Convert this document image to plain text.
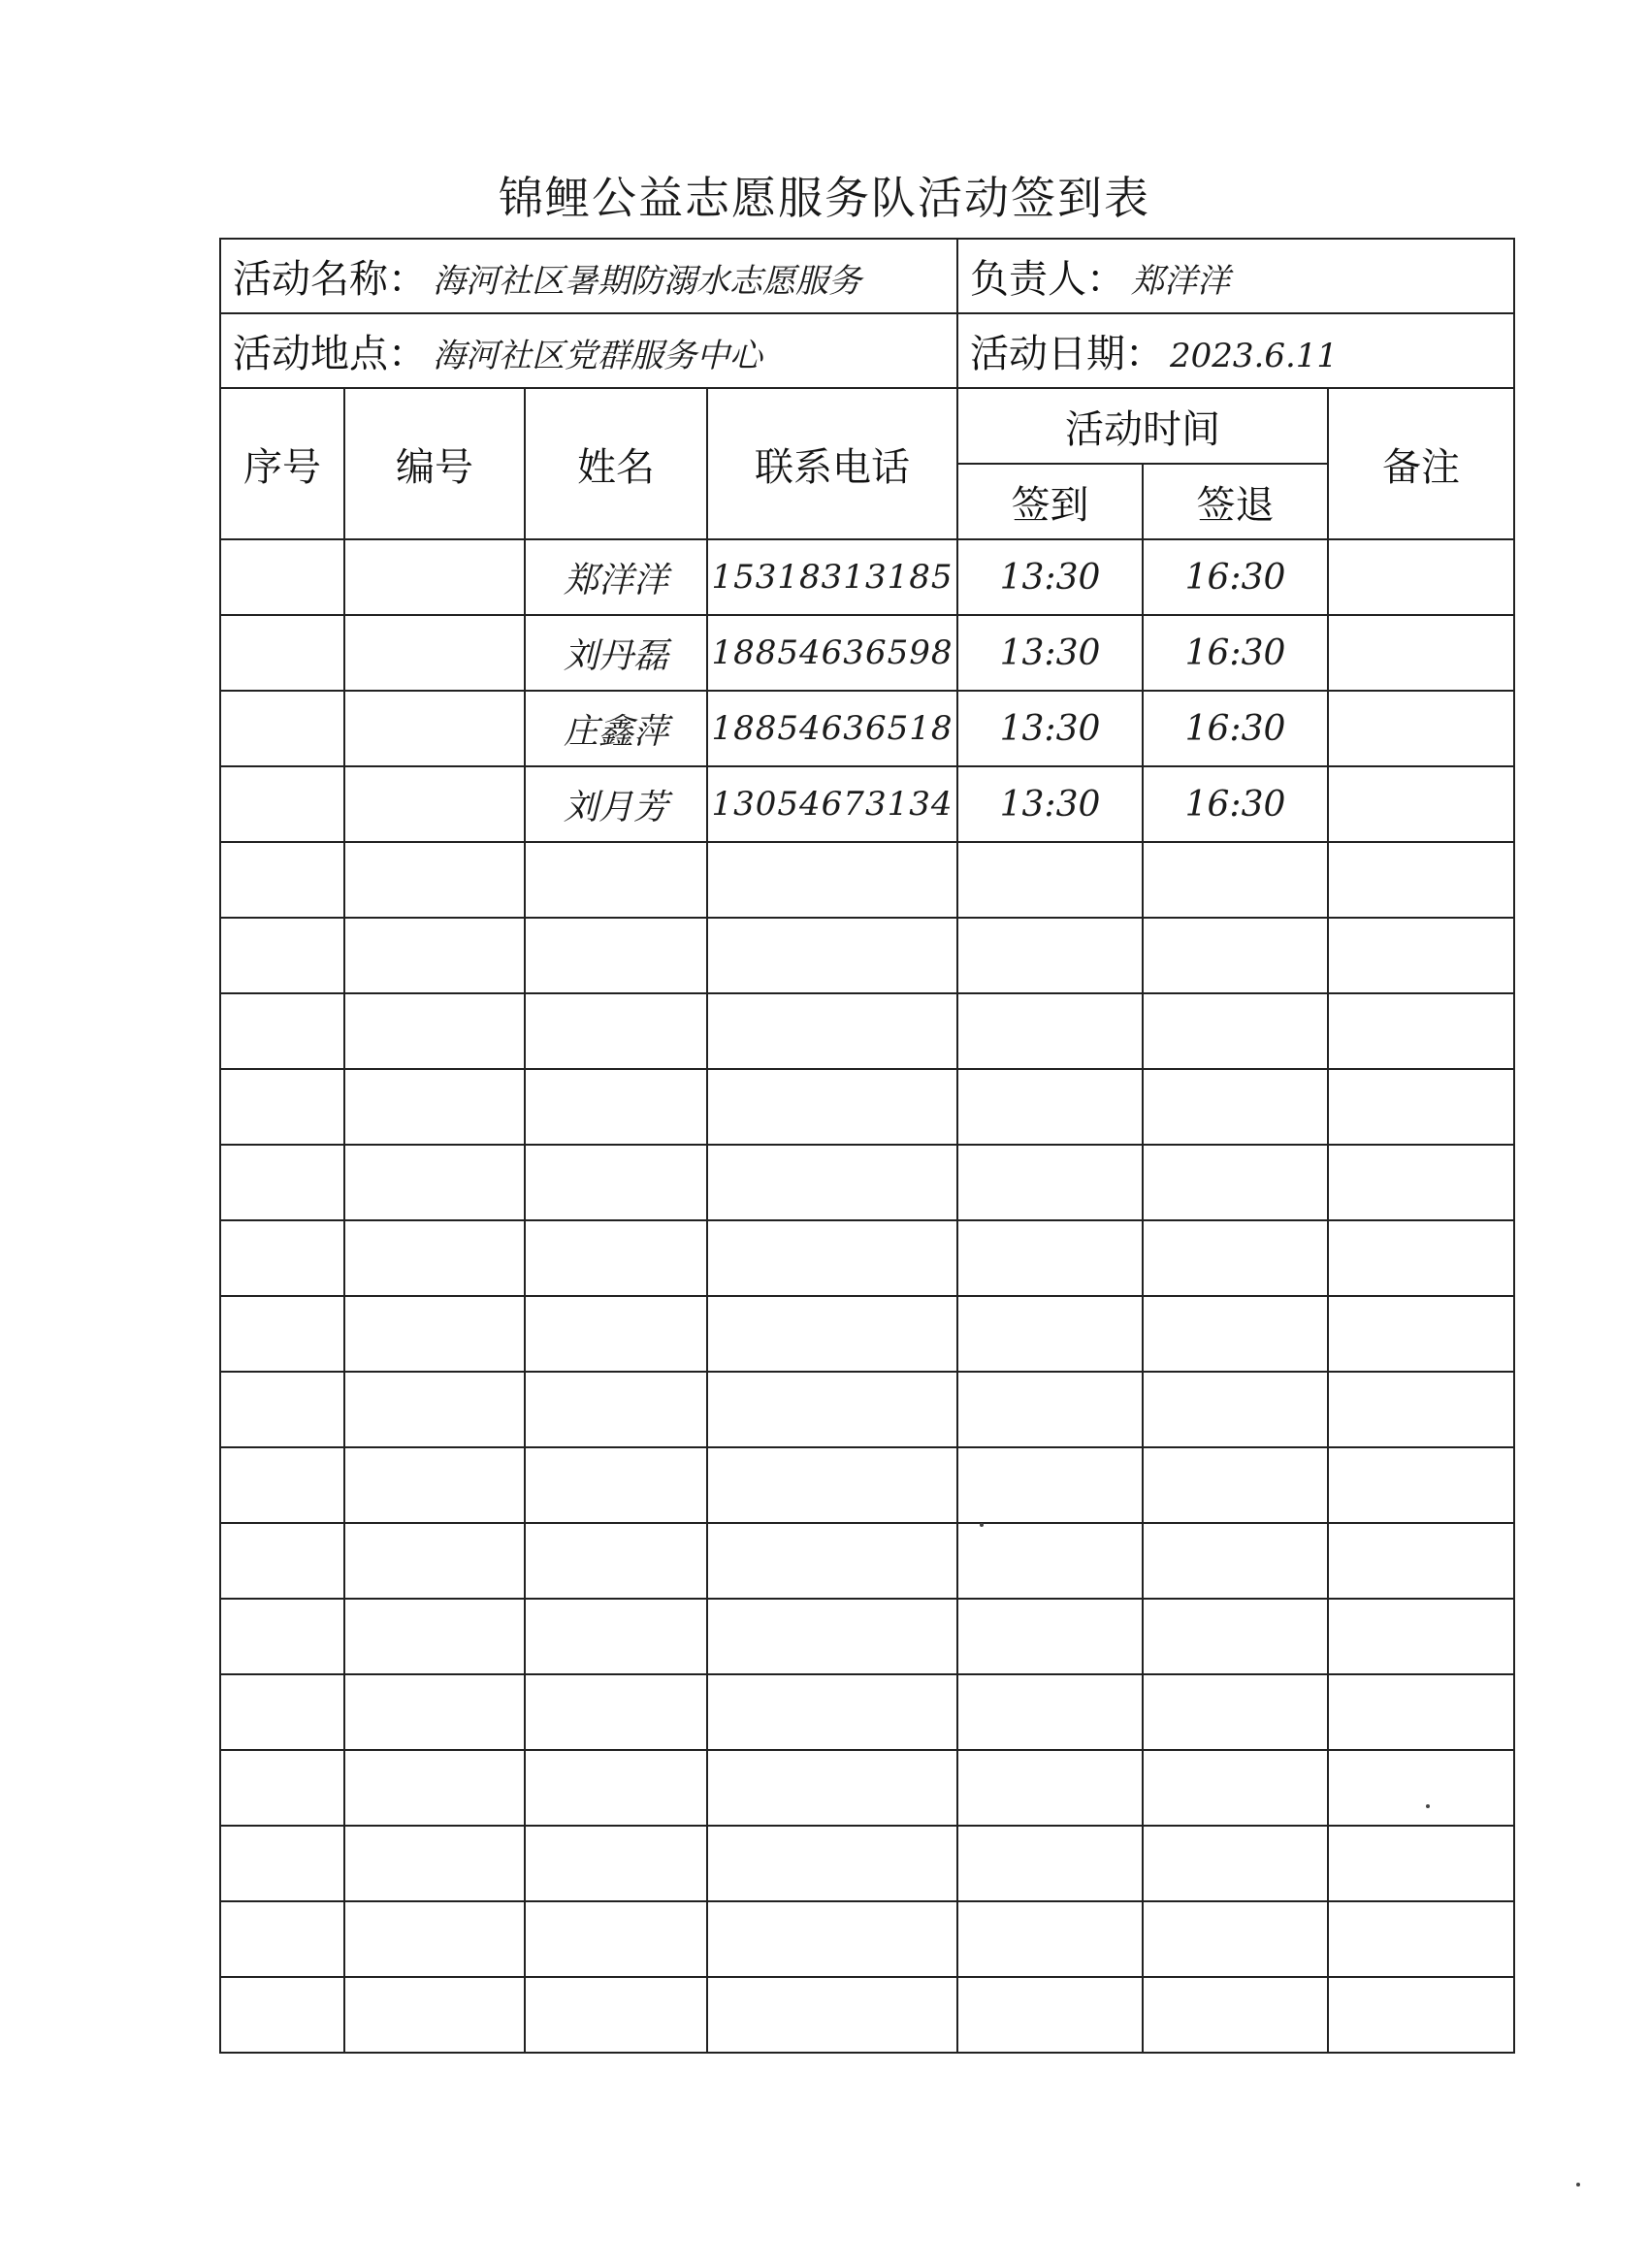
锦鲤公益志愿服务队活动签到表
活动名称： 海河社区暑期防溺水志愿服务				负责人： 郑洋洋		
活动地点： 海河社区党群服务中心				活动日期： 2023.6.11		
序号	编号	姓名	联系电话	活动时间		备注
				签到	签退	
		郑洋洋	15318313185	13:30	16:30	
		刘丹磊	18854636598	13:30	16:30	
		庄鑫萍	18854636518	13:30	16:30	
		刘月芳	13054673134	13:30	16:30	
